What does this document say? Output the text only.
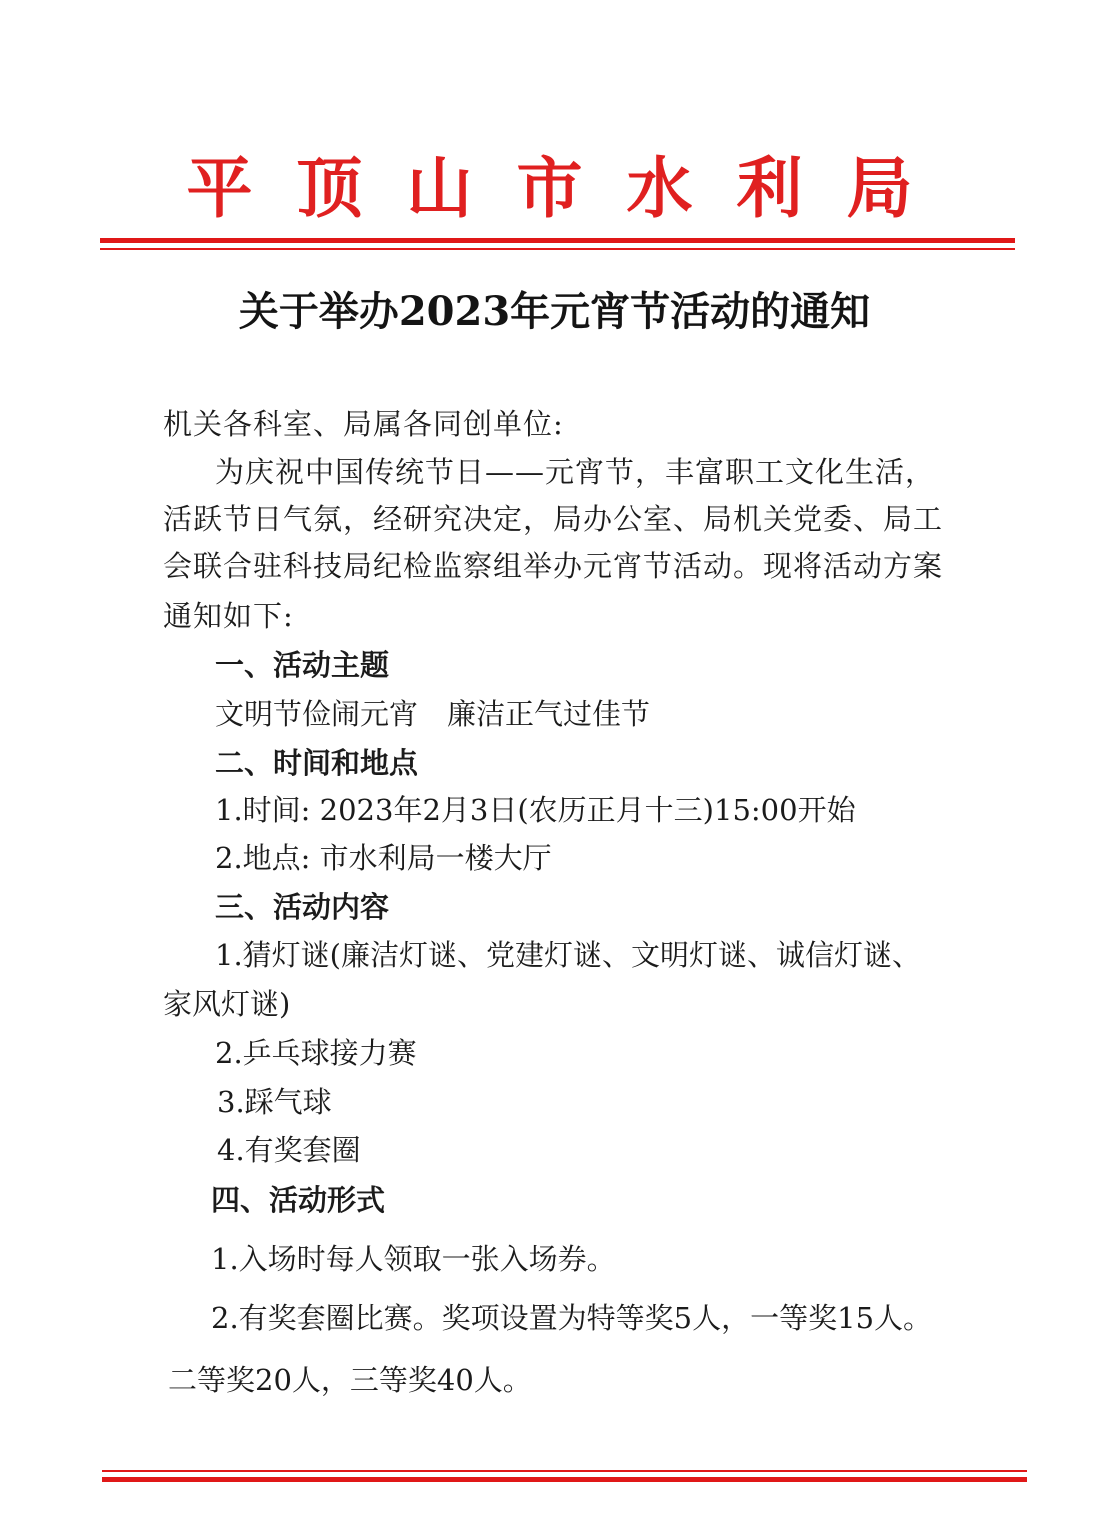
平顶山市水利局
关于举办2023年元宵节活动的通知
机关各科室、局属各同创单位:
为庆祝中国传统节日——元宵节，丰富职工文化生活，
活跃节日气氛，经研究决定，局办公室、局机关党委、局工
会联合驻科技局纪检监察组举办元宵节活动。现将活动方案
通知如下:
一、活动主题
文明节俭闹元宵　廉洁正气过佳节
二、时间和地点
1.时间: 2023年2月3日(农历正月十三)15:00开始
2.地点: 市水利局一楼大厅
三、活动内容
1.猜灯谜(廉洁灯谜、党建灯谜、文明灯谜、诚信灯谜、
家风灯谜)
2.乒乓球接力赛
3.踩气球
4.有奖套圈
四、活动形式
1.入场时每人领取一张入场券。
2.有奖套圈比赛。奖项设置为特等奖5人，一等奖15人。
二等奖20人，三等奖40人。
